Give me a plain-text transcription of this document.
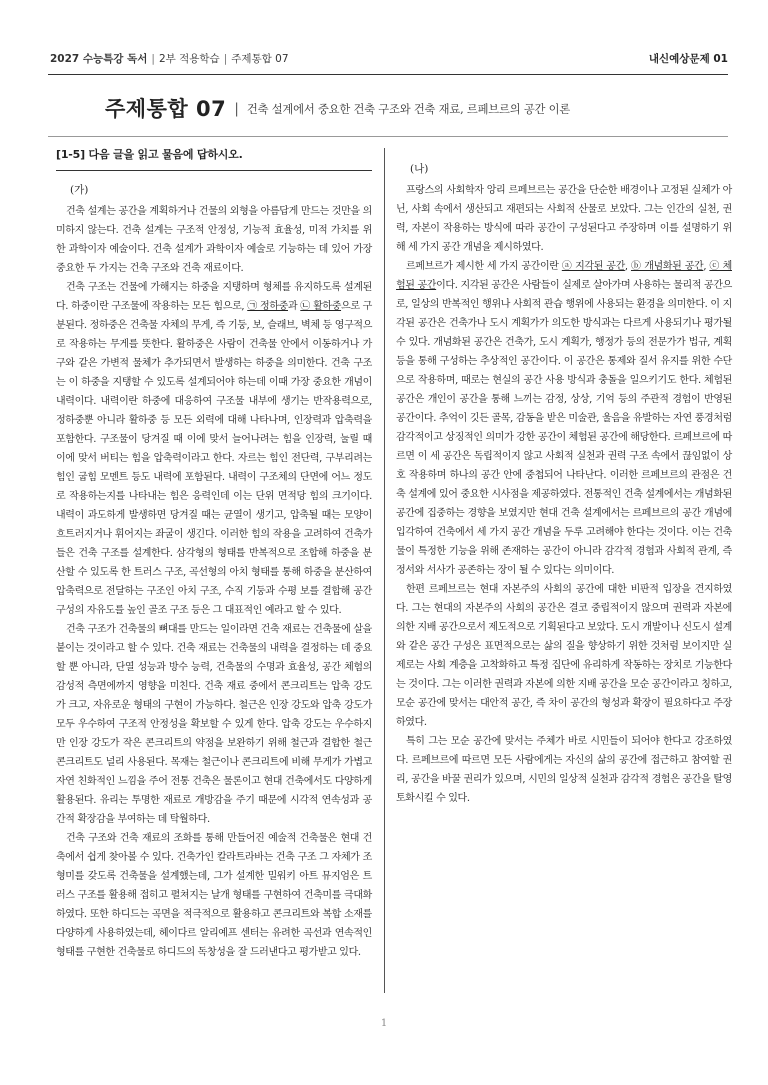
2027 수능특강 독서 | 2부 적용학습 | 주제통합 07	내신예상문제 01
주제통합 07 | 건축 설계에서 중요한 건축 구조와 건축 재료, 르페브르의 공간 이론
[1-5] 다음 글을 읽고 물음에 답하시오.
(가)

건축 설계는 공간을 계획하거나 건물의 외형을 아름답게 만드는 것만을 의미하지 않는다. 건축 설계는 구조적 안정성, 기능적 효율성, 미적 가치를 위한 과학이자 예술이다. 건축 설계가 과학이자 예술로 기능하는 데 있어 가장 중요한 두 가지는 건축 구조와 건축 재료이다.

건축 구조는 건물에 가해지는 하중을 지탱하며 형체를 유지하도록 설계된다. 하중이란 구조물에 작용하는 모든 힘으로, ㉠ 정하중과 ㉡ 활하중으로 구분된다. 정하중은 건축물 자체의 무게, 즉 기둥, 보, 슬래브, 벽체 등 영구적으로 작용하는 무게를 뜻한다. 활하중은 사람이 건축물 안에서 이동하거나 가구와 같은 가변적 물체가 추가되면서 발생하는 하중을 의미한다. 건축 구조는 이 하중을 지탱할 수 있도록 설계되어야 하는데 이때 가장 중요한 개념이 내력이다. 내력이란 하중에 대응하여 구조물 내부에 생기는 반작용력으로, 정하중뿐 아니라 활하중 등 모든 외력에 대해 나타나며, 인장력과 압축력을 포함한다. 구조물이 당겨질 때 이에 맞서 늘어나려는 힘을 인장력, 눌릴 때 이에 맞서 버티는 힘을 압축력이라고 한다. 자르는 힘인 전단력, 구부리려는 힘인 굽힘 모멘트 등도 내력에 포함된다. 내력이 구조체의 단면에 어느 정도로 작용하는지를 나타내는 힘은 응력인데 이는 단위 면적당 힘의 크기이다. 내력이 과도하게 발생하면 당겨질 때는 균열이 생기고, 압축될 때는 모양이 흐트러지거나 휘어지는 좌굴이 생긴다. 이러한 힘의 작용을 고려하여 건축가들은 건축 구조를 설계한다. 삼각형의 형태를 반복적으로 조합해 하중을 분산할 수 있도록 한 트러스 구조, 곡선형의 아치 형태를 통해 하중을 분산하여 압축력으로 전달하는 구조인 아치 구조, 수직 기둥과 수평 보를 결합해 공간 구성의 자유도를 높인 골조 구조 등은 그 대표적인 예라고 할 수 있다.

건축 구조가 건축물의 뼈대를 만드는 일이라면 건축 재료는 건축물에 살을 붙이는 것이라고 할 수 있다. 건축 재료는 건축물의 내력을 결정하는 데 중요할 뿐 아니라, 단열 성능과 방수 능력, 건축물의 수명과 효율성, 공간 체험의 감성적 측면에까지 영향을 미친다. 건축 재료 중에서 콘크리트는 압축 강도가 크고, 자유로운 형태의 구현이 가능하다. 철근은 인장 강도와 압축 강도가 모두 우수하여 구조적 안정성을 확보할 수 있게 한다. 압축 강도는 우수하지만 인장 강도가 작은 콘크리트의 약점을 보완하기 위해 철근과 결합한 철근 콘크리트도 널리 사용된다. 목재는 철근이나 콘크리트에 비해 무게가 가볍고 자연 친화적인 느낌을 주어 전통 건축은 물론이고 현대 건축에서도 다양하게 활용된다. 유리는 투명한 재료로 개방감을 주기 때문에 시각적 연속성과 공간적 확장감을 부여하는 데 탁월하다.

건축 구조와 건축 재료의 조화를 통해 만들어진 예술적 건축물은 현대 건축에서 쉽게 찾아볼 수 있다. 건축가인 칼라트라바는 건축 구조 그 자체가 조형미를 갖도록 건축물을 설계했는데, 그가 설계한 밀워키 아트 뮤지엄은 트러스 구조를 활용해 접히고 펼쳐지는 날개 형태를 구현하여 건축미를 극대화하였다. 또한 하디드는 곡면을 적극적으로 활용하고 콘크리트와 복합 소재를 다양하게 사용하였는데, 헤이다르 알리예프 센터는 유려한 곡선과 연속적인 형태를 구현한 건축물로 하디드의 독창성을 잘 드러낸다고 평가받고 있다.

(나)

프랑스의 사회학자 앙리 르페브르는 공간을 단순한 배경이나 고정된 실체가 아닌, 사회 속에서 생산되고 재편되는 사회적 산물로 보았다. 그는 인간의 실천, 권력, 자본이 작용하는 방식에 따라 공간이 구성된다고 주장하며 이를 설명하기 위해 세 가지 공간 개념을 제시하였다.

르페브르가 제시한 세 가지 공간이란 ⓐ 지각된 공간, ⓑ 개념화된 공간, ⓒ 체험된 공간이다. 지각된 공간은 사람들이 실제로 살아가며 사용하는 물리적 공간으로, 일상의 반복적인 행위나 사회적 관습 행위에 사용되는 환경을 의미한다. 이 지각된 공간은 건축가나 도시 계획가가 의도한 방식과는 다르게 사용되기나 평가될 수 있다. 개념화된 공간은 건축가, 도시 계획가, 행정가 등의 전문가가 법규, 계획 등을 통해 구성하는 추상적인 공간이다. 이 공간은 통제와 질서 유지를 위한 수단으로 작용하며, 때로는 현실의 공간 사용 방식과 충돌을 일으키기도 한다. 체험된 공간은 개인이 공간을 통해 느끼는 감정, 상상, 기억 등의 주관적 경험이 반영된 공간이다. 추억이 깃든 골목, 감동을 받은 미술관, 울음을 유발하는 자연 풍경처럼 감각적이고 상징적인 의미가 강한 공간이 체험된 공간에 해당한다. 르페브르에 따르면 이 세 공간은 독립적이지 않고 사회적 실천과 권력 구조 속에서 끊임없이 상호 작용하며 하나의 공간 안에 중첩되어 나타난다. 이러한 르페브르의 관점은 건축 설계에 있어 중요한 시사점을 제공하였다. 전통적인 건축 설계에서는 개념화된 공간에 집중하는 경향을 보였지만 현대 건축 설계에서는 르페브르의 공간 개념에 입각하여 건축에서 세 가지 공간 개념을 두루 고려해야 한다는 것이다. 이는 건축물이 특정한 기능을 위해 존재하는 공간이 아니라 감각적 경험과 사회적 관계, 즉 정서와 서사가 공존하는 장이 될 수 있다는 의미이다.

한편 르페브르는 현대 자본주의 사회의 공간에 대한 비판적 입장을 견지하였다. 그는 현대의 자본주의 사회의 공간은 결코 중립적이지 않으며 권력과 자본에 의한 지배 공간으로서 제도적으로 기획된다고 보았다. 도시 개발이나 신도시 설계와 같은 공간 구성은 표면적으로는 삶의 질을 향상하기 위한 것처럼 보이지만 실제로는 사회 계층을 고착화하고 특정 집단에 유리하게 작동하는 장치로 기능한다는 것이다. 그는 이러한 권력과 자본에 의한 지배 공간을 모순 공간이라고 칭하고, 모순 공간에 맞서는 대안적 공간, 즉 차이 공간의 형성과 확장이 필요하다고 주장하였다.

특히 그는 모순 공간에 맞서는 주체가 바로 시민들이 되어야 한다고 강조하였다. 르페브르에 따르면 모든 사람에게는 자신의 삶의 공간에 접근하고 참여할 권리, 공간을 바꿀 권리가 있으며, 시민의 일상적 실천과 감각적 경험은 공간을 탈영토화시킬 수 있다.

1
